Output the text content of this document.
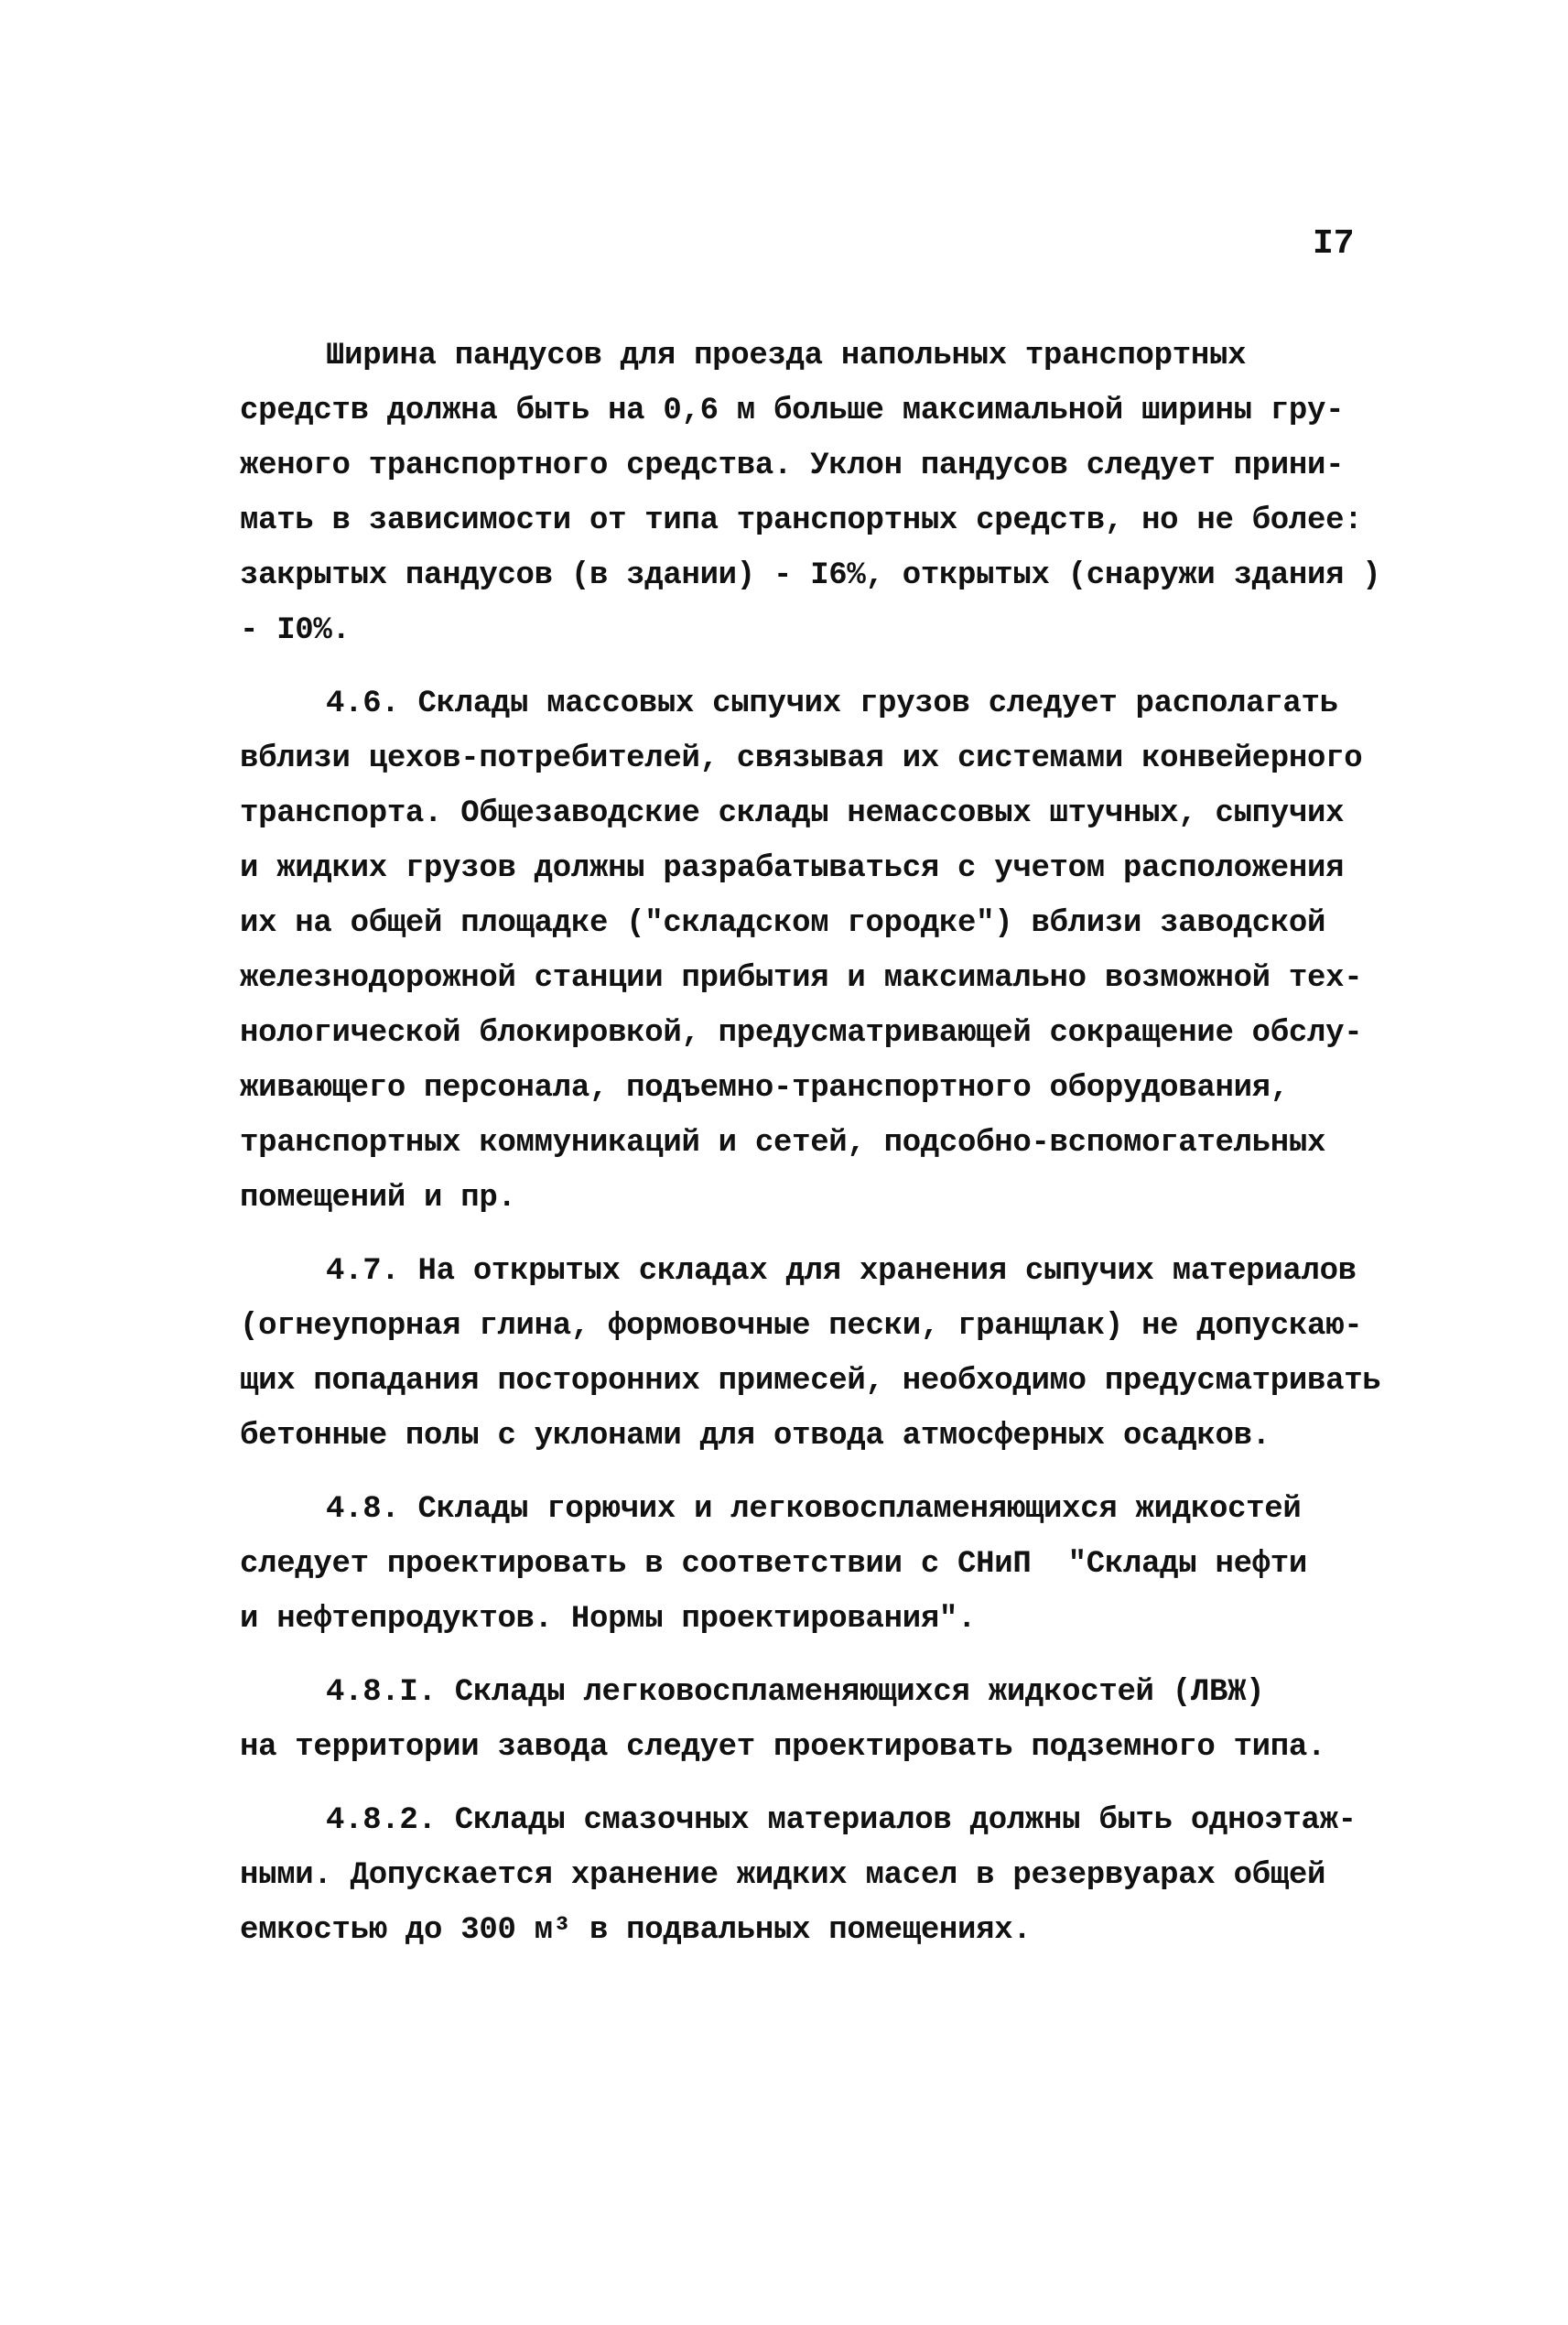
I7
Ширина пандусов для проезда напольных транспортных
средств должна быть на 0,6 м больше максимальной ширины гру-
женого транспортного средства. Уклон пандусов следует прини-
мать в зависимости от типа транспортных средств, но не более:
закрытых пандусов (в здании) - I6%, открытых (снаружи здания )
- I0%.
4.6. Склады массовых сыпучих грузов следует располагать
вблизи цехов-потребителей, связывая их системами конвейерного
транспорта. Общезаводские склады немассовых штучных, сыпучих
и жидких грузов должны разрабатываться с учетом расположения
их на общей площадке ("складском городке") вблизи заводской
железнодорожной станции прибытия и максимально возможной тех-
нологической блокировкой, предусматривающей сокращение обслу-
живающего персонала, подъемно-транспортного оборудования,
транспортных коммуникаций и сетей, подсобно-вспомогательных
помещений и пр.
4.7. На открытых складах для хранения сыпучих материалов
(огнеупорная глина, формовочные пески, гранщлак) не допускаю-
щих попадания посторонних примесей, необходимо предусматривать
бетонные полы с уклонами для отвода атмосферных осадков.
4.8. Склады горючих и легковоспламеняющихся жидкостей
следует проектировать в соответствии с СНиП  "Склады нефти
и нефтепродуктов. Нормы проектирования".
4.8.I. Склады легковоспламеняющихся жидкостей (ЛВЖ)
на территории завода следует проектировать подземного типа.
4.8.2. Склады смазочных материалов должны быть одноэтаж-
ными. Допускается хранение жидких масел в резервуарах общей
емкостью до 300 м³ в подвальных помещениях.
